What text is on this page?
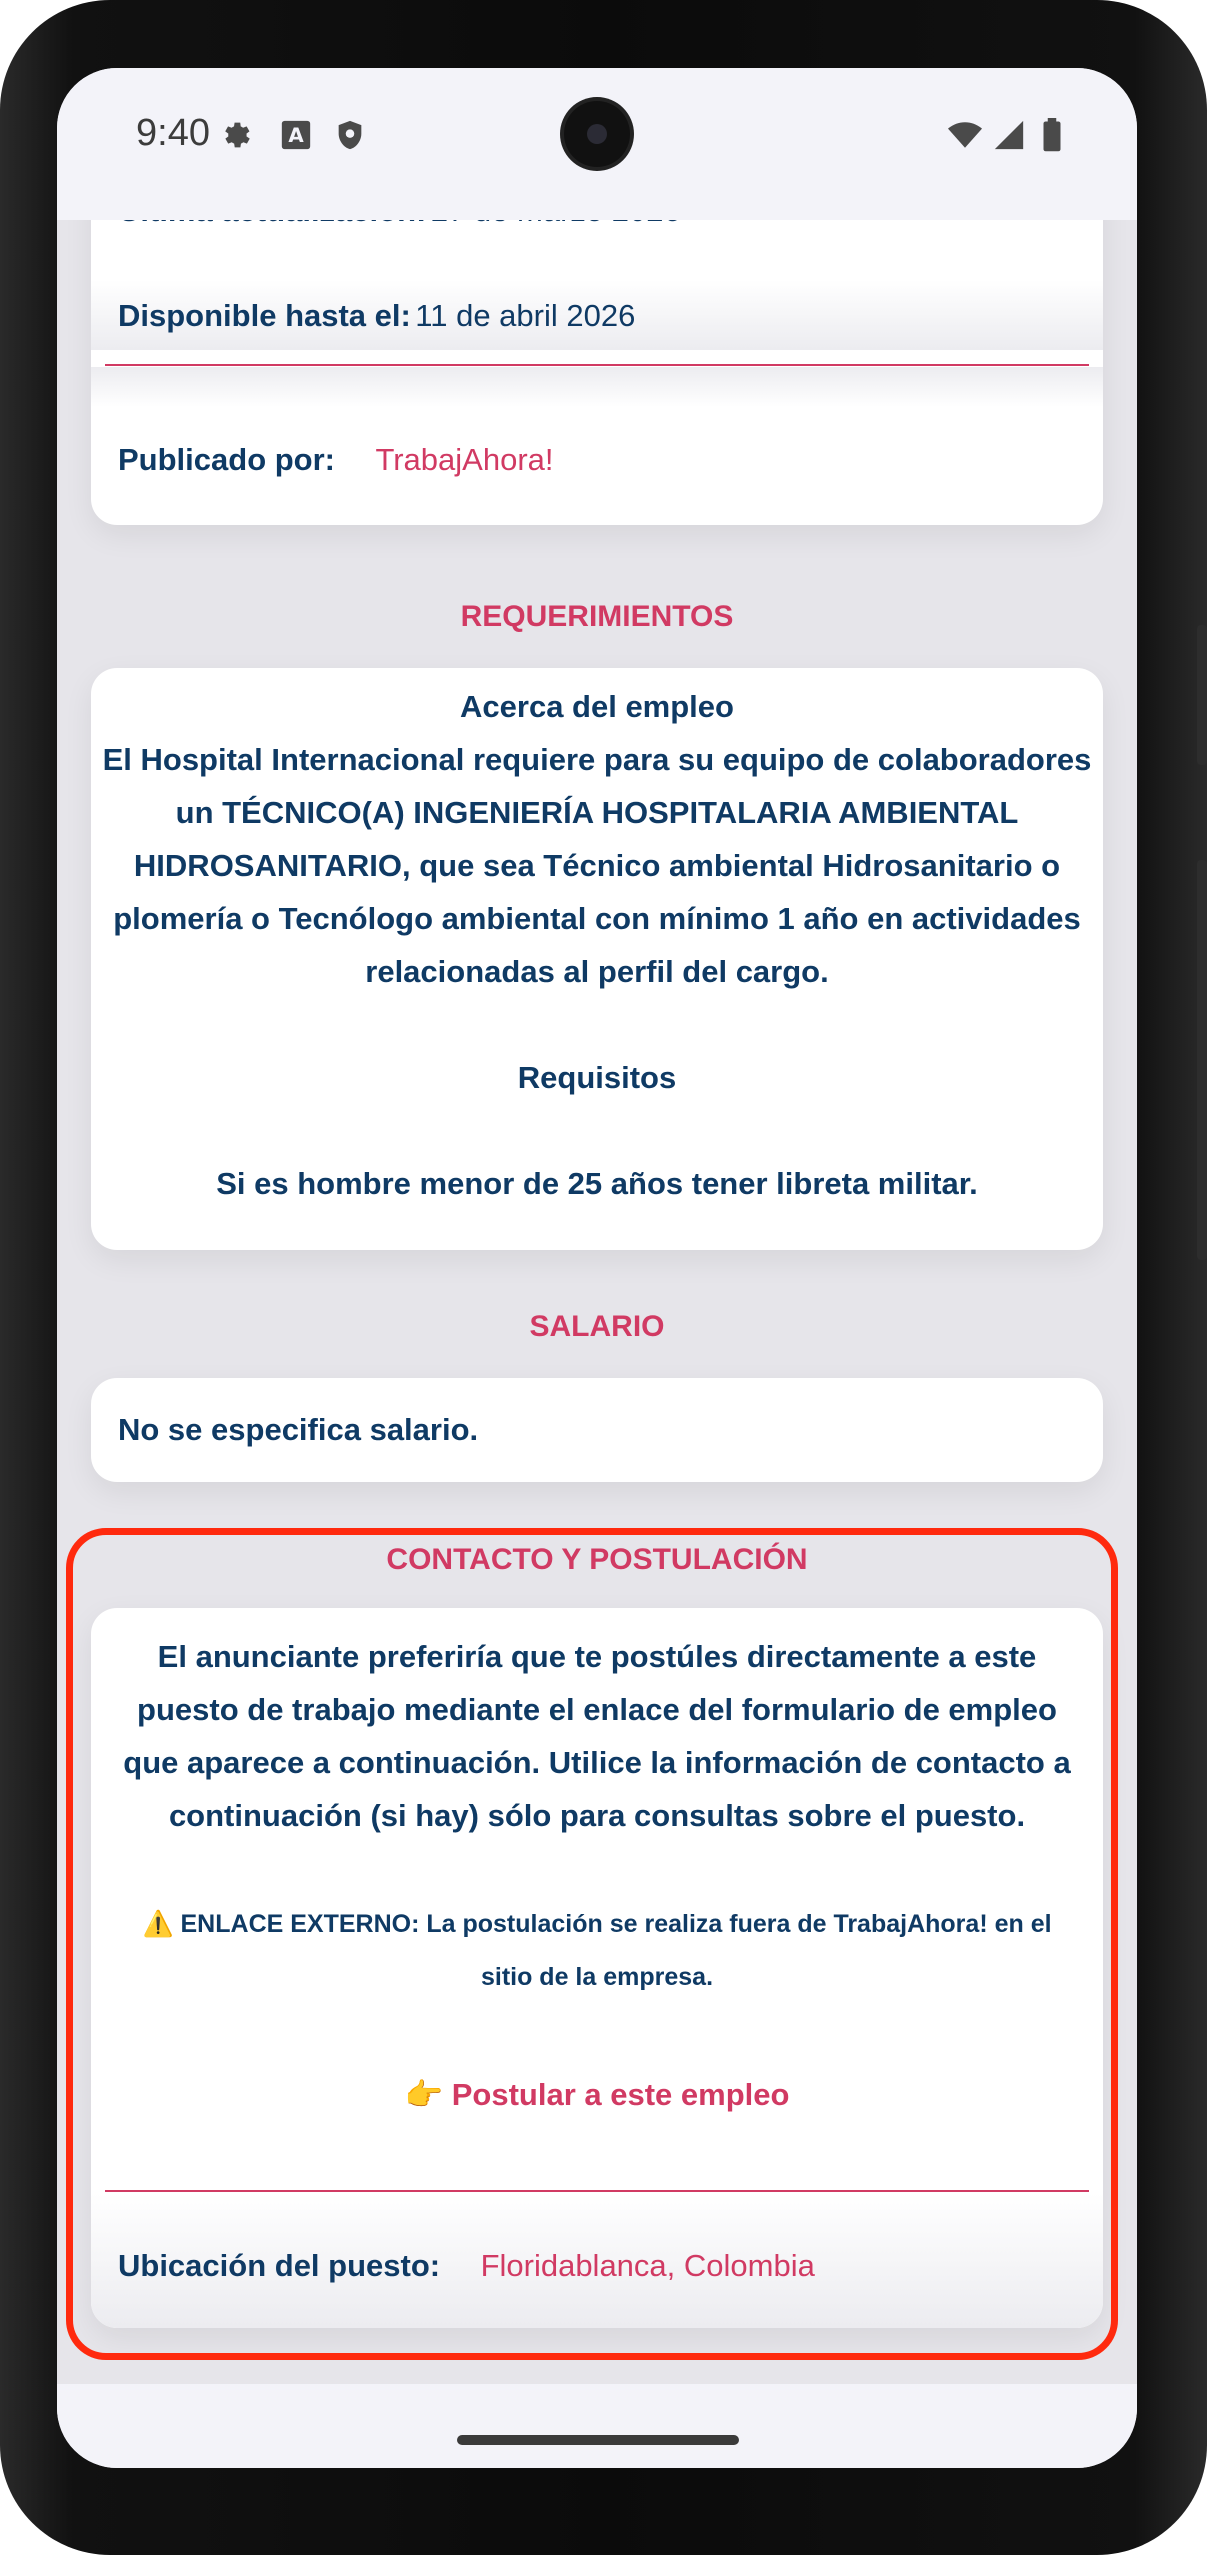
9:40	A
Disponible hasta el: 11 de abril 2026
Publicado por: TrabajAhora!
REQUERIMIENTOS
Acerca del empleo
El Hospital Internacional requiere para su equipo de colaboradores
un TÉCNICO(A) INGENIERÍA HOSPITALARIA AMBIENTAL
HIDROSANITARIO, que sea Técnico ambiental Hidrosanitario o
plomería o Tecnólogo ambiental con mínimo 1 año en actividades
relacionadas al perfil del cargo.
Requisitos
Si es hombre menor de 25 años tener libreta militar.
SALARIO
No se especifica salario.
CONTACTO Y POSTULACIÓN
El anunciante preferiría que te postúles directamente a este
puesto de trabajo mediante el enlace del formulario de empleo
que aparece a continuación. Utilice la información de contacto a
continuación (si hay) sólo para consultas sobre el puesto.
⚠️ ENLACE EXTERNO: La postulación se realiza fuera de TrabajAhora! en el
sitio de la empresa.
👉 Postular a este empleo
Ubicación del puesto: Floridablanca, Colombia
